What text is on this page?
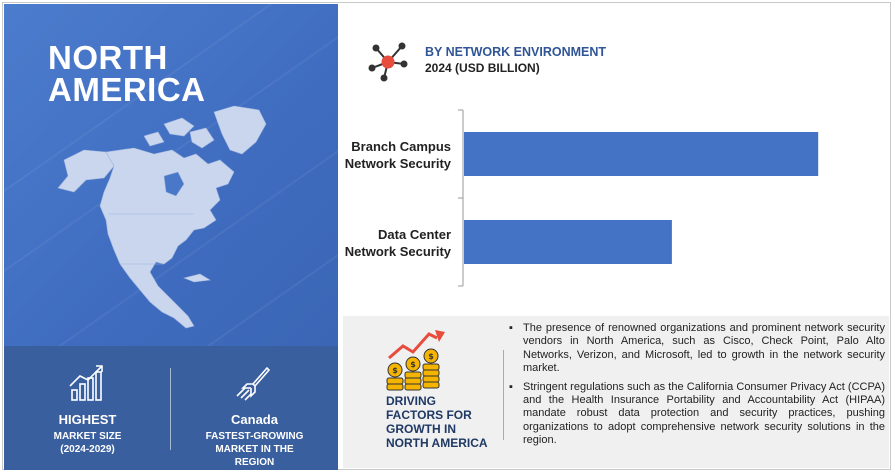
NORTH
AMERICA
HIGHEST
MARKET SIZE (2024-2029)
Canada
FASTEST-GROWING MARKET IN THE REGION
BY NETWORK ENVIRONMENT
2024 (USD BILLION)
Branch Campus Network Security
Data Center Network Security
$
$
$
DRIVING FACTORS FOR GROWTH IN NORTH AMERICA
▪ The presence of renowned organizations and prominent network security vendors in North America, such as Cisco, Check Point, Palo Alto Networks, Verizon, and Microsoft, led to growth in the network security market.
▪ Stringent regulations such as the California Consumer Privacy Act (CCPA) and the Health Insurance Portability and Accountability Act (HIPAA) mandate robust data protection and security practices, pushing organizations to adopt comprehensive network security solutions in the region.
